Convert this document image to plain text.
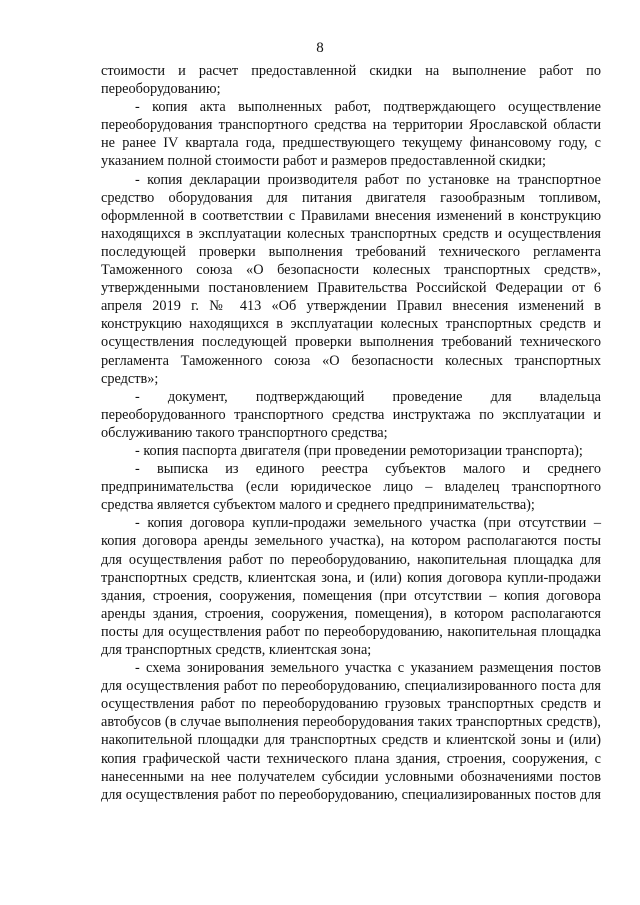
8

стоимости и расчет предоставленной скидки на выполнение работ по переоборудованию;

- копия акта выполненных работ, подтверждающего осуществление переоборудования транспортного средства на территории Ярославской области не ранее IV квартала года, предшествующего текущему финансовому году, с указанием полной стоимости работ и размеров предоставленной скидки;

- копия декларации производителя работ по установке на транспортное средство оборудования для питания двигателя газообразным топливом, оформленной в соответствии с Правилами внесения изменений в конструкцию находящихся в эксплуатации колесных транспортных средств и осуществления последующей проверки выполнения требований технического регламента Таможенного союза «О безопасности колесных транспортных средств», утвержденными постановлением Правительства Российской Федерации от 6 апреля 2019 г. № 413 «Об утверждении Правил внесения изменений в конструкцию находящихся в эксплуатации колесных транспортных средств и осуществления последующей проверки выполнения требований технического регламента Таможенного союза «О безопасности колесных транспортных средств»;

- документ, подтверждающий проведение для владельца переоборудованного транспортного средства инструктажа по эксплуатации и обслуживанию такого транспортного средства;

- копия паспорта двигателя (при проведении ремоторизации транспорта);

- выписка из единого реестра субъектов малого и среднего предпринимательства (если юридическое лицо – владелец транспортного средства является субъектом малого и среднего предпринимательства);

- копия договора купли-продажи земельного участка (при отсутствии – копия договора аренды земельного участка), на котором располагаются посты для осуществления работ по переоборудованию, накопительная площадка для транспортных средств, клиентская зона, и (или) копия договора купли-продажи здания, строения, сооружения, помещения (при отсутствии – копия договора аренды здания, строения, сооружения, помещения), в котором располагаются посты для осуществления работ по переоборудованию, накопительная площадка для транспортных средств, клиентская зона;

- схема зонирования земельного участка с указанием размещения постов для осуществления работ по переоборудованию, специализированного поста для осуществления работ по переоборудованию грузовых транспортных средств и автобусов (в случае выполнения переоборудования таких транспортных средств), накопительной площадки для транспортных средств и клиентской зоны и (или) копия графической части технического плана здания, строения, сооружения, с нанесенными на нее получателем субсидии условными обозначениями постов для осуществления работ по переоборудованию, специализированных постов для
